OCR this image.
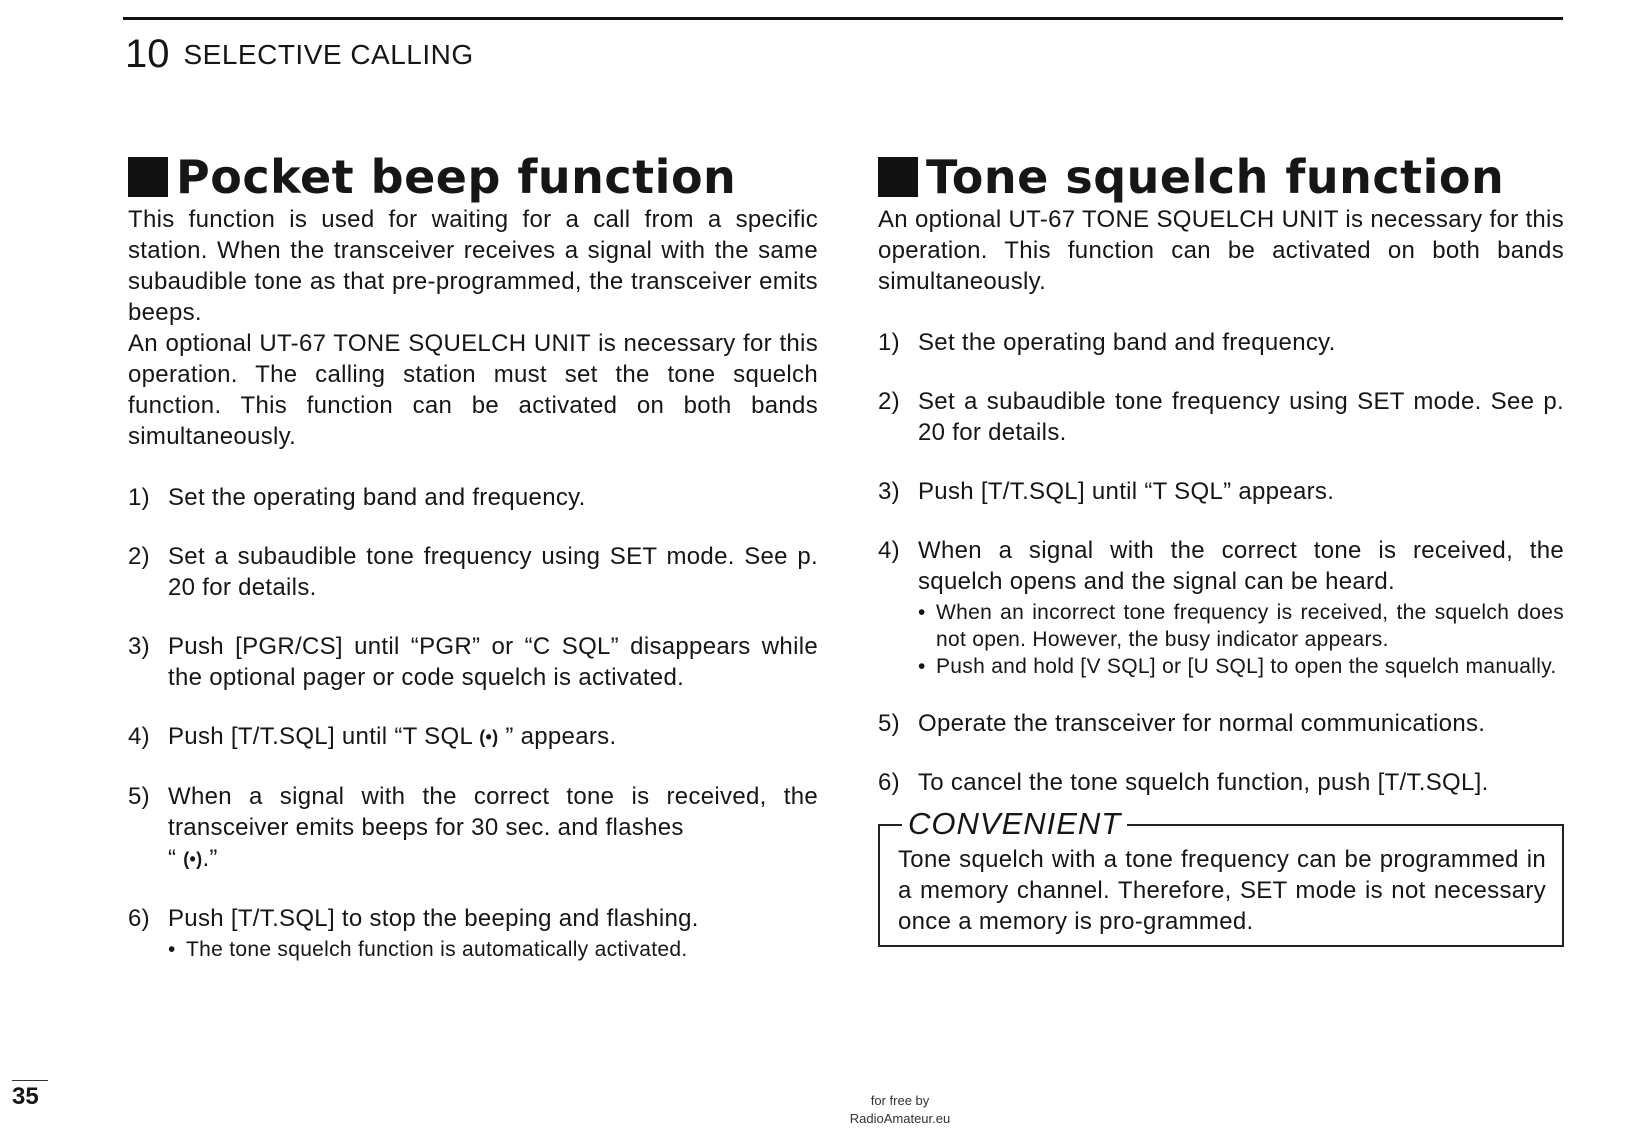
10 SELECTIVE CALLING
Pocket beep function

This function is used for waiting for a call from a specific station. When the transceiver receives a signal with the same subaudible tone as that pre-programmed, the transceiver emits beeps.

An optional UT-67 TONE SQUELCH UNIT is necessary for this operation. The calling station must set the tone squelch function. This function can be activated on both bands simultaneously.

1) Set the operating band and frequency.
2) Set a subaudible tone frequency using SET mode. See p. 20 for details.
3) Push [PGR/CS] until “PGR” or “C SQL” disappears while the optional pager or code squelch is activated.
4) Push [T/T.SQL] until “T SQL (•) ” appears.
5) When a signal with the correct tone is received, the transceiver emits beeps for 30 sec. and flashes
“ (•).”
6) Push [T/T.SQL] to stop the beeping and flashing.
• The tone squelch function is automatically activated.
Tone squelch function

An optional UT-67 TONE SQUELCH UNIT is necessary for this operation. This function can be activated on both bands simultaneously.

1) Set the operating band and frequency.
2) Set a subaudible tone frequency using SET mode. See p. 20 for details.
3) Push [T/T.SQL] until “T SQL” appears.
4) When a signal with the correct tone is received, the squelch opens and the signal can be heard.
• When an incorrect tone frequency is received, the squelch does not open. However, the busy indicator appears.
• Push and hold [V SQL] or [U SQL] to open the squelch manually.
5) Operate the transceiver for normal communications.
6) To cancel the tone squelch function, push [T/T.SQL].
CONVENIENT

Tone squelch with a tone frequency can be programmed in a memory channel. Therefore, SET mode is not necessary once a memory is pro-grammed.

35	for free by
RadioAmateur.eu
